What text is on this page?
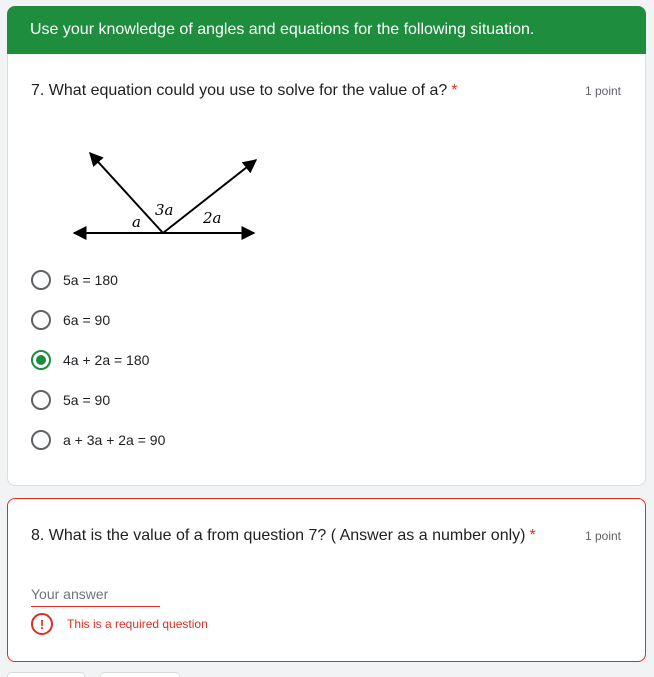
Use your knowledge of angles and equations for the following situation.
7. What equation could you use to solve for the value of a? *	1 point
a
3a 2a
5a = 180
6a = 90
4a + 2a = 180
5a = 90
a + 3a + 2a = 90
8. What is the value of a from question 7? ( Answer as a number only) *	1 point
Your answer
!	This is a required question
